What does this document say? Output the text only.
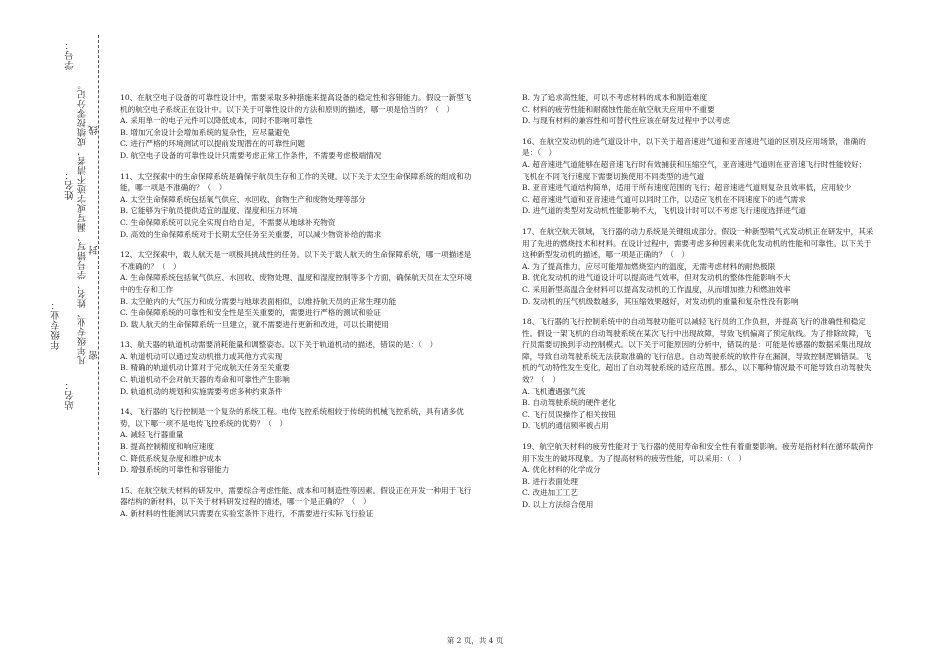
站名：
年级专业：
姓名：
学号：
凡年级专业、姓名、学号错写、漏写或字迹不清者，成绩按零分记。 线
封
密

10、在航空电子设备的可靠性设计中，需要采取多种措施来提高设备的稳定性和容错能力。假设一新型飞机的航空电子系统正在设计中。以下关于可靠性设计的方法和原则的描述，哪一项是恰当的？（　）

A. 采用单一的电子元件可以降低成本，同时不影响可靠性

B. 增加冗余设计会增加系统的复杂性，应尽量避免

C. 进行严格的环境测试可以提前发现潜在的可靠性问题

D. 航空电子设备的可靠性设计只需要考虑正常工作条件，不需要考虑极端情况

11、太空探索中的生命保障系统是确保宇航员生存和工作的关键。以下关于太空生命保障系统的组成和功能，哪一项是不准确的？（　）

A. 太空生命保障系统包括氧气供应、水回收、食物生产和废物处理等部分

B. 它能够为宇航员提供适宜的温度、湿度和压力环境

C. 生命保障系统可以完全实现自给自足，不需要从地球补充物资

D. 高效的生命保障系统对于长期太空任务至关重要，可以减少物资补给的需求

12、太空探索中，载人航天是一项极具挑战性的任务。以下关于载人航天的生命保障系统，哪一项描述是不准确的？（　）

A. 生命保障系统包括氧气供应、水回收、废物处理、温度和湿度控制等多个方面，确保航天员在太空环境中的生存和工作

B. 太空舱内的大气压力和成分需要与地球表面相似，以维持航天员的正常生理功能

C. 生命保障系统的可靠性和安全性是至关重要的，需要进行严格的测试和验证

D. 载人航天的生命保障系统一旦建立，就不需要进行更新和改进，可以长期使用

13、航天器的轨道机动需要消耗能量和调整姿态。以下关于轨道机动的描述，错误的是：（　）

A. 轨道机动可以通过发动机推力或其他方式实现

B. 精确的轨道机动计算对于完成航天任务至关重要

C. 轨道机动不会对航天器的寿命和可靠性产生影响

D. 轨道机动的规划和实施需要考虑多种约束条件

14、飞行器的飞行控制是一个复杂的系统工程。电传飞控系统相较于传统的机械飞控系统，具有诸多优势，以下哪一项不是电传飞控系统的优势？（　）

A. 减轻飞行器重量

B. 提高控制精度和响应速度

C. 降低系统复杂度和维护成本

D. 增强系统的可靠性和容错能力

15、在航空航天材料的研发中，需要综合考虑性能、成本和可制造性等因素。假设正在开发一种用于飞行器结构的新材料，以下关于材料研发过程的描述，哪一个是正确的？（　）

A. 新材料的性能测试只需要在实验室条件下进行，不需要进行实际飞行验证

B. 为了追求高性能，可以不考虑材料的成本和制造难度

C. 材料的疲劳性能和耐腐蚀性能在航空航天应用中不重要

D. 与现有材料的兼容性和可替代性应该在研发过程中予以考虑

16、在航空发动机的进气道设计中，以下关于超音速进气道和亚音速进气道的区别及应用场景，准确的是：（　）

A. 超音速进气道能够在超音速飞行时有效捕获和压缩空气，亚音速进气道则在亚音速飞行时性能较好；飞机在不同飞行速度下需要切换使用不同类型的进气道

B. 亚音速进气道结构简单，适用于所有速度范围的飞行；超音速进气道则复杂且效率低，应用较少

C. 超音速进气道和亚音速进气道可以同时工作，以适应飞机在不同速度下的进气需求

D. 进气道的类型对发动机性能影响不大，飞机设计时可以不考虑飞行速度选择进气道

17、在航空航天领域，飞行器的动力系统是关键组成部分。假设一种新型喷气式发动机正在研发中，其采用了先进的燃烧技术和材料。在设计过程中，需要考虑多种因素来优化发动机的性能和可靠性。以下关于这种新型发动机的描述，哪一项是正确的？（　）

A. 为了提高推力，应尽可能增加燃烧室内的温度，无需考虑材料的耐热极限

B. 优化发动机的进气道设计可以提高进气效率，但对发动机的整体性能影响不大

C. 采用新型高温合金材料可以提高发动机的工作温度，从而增加推力和燃油效率

D. 发动机的压气机级数越多，其压缩效果越好，对发动机的重量和复杂性没有影响

18、飞行器的飞行控制系统中的自动驾驶功能可以减轻飞行员的工作负担，并提高飞行的准确性和稳定性。假设一架飞机的自动驾驶系统在某次飞行中出现故障，导致飞机偏离了预定航线。为了排除故障，飞行员需要切换到手动控制模式。以下关于可能原因的分析中，错误的是：可能是传感器的数据采集出现故障，导致自动驾驶系统无法获取准确的飞行信息。自动驾驶系统的软件存在漏洞，导致控制逻辑错误。飞机的气动特性发生变化，超出了自动驾驶系统的适应范围。那么，以下哪种情况最不可能导致自动驾驶失效？（　）

A. 飞机遭遇强气流

B. 自动驾驶系统的硬件老化

C. 飞行员误操作了相关按钮

D. 飞机的通信频率被占用

19、航空航天材料的疲劳性能对于飞行器的使用寿命和安全性有着重要影响。疲劳是指材料在循环载荷作用下发生的破坏现象。为了提高材料的疲劳性能，可以采用：（　）

A. 优化材料的化学成分

B. 进行表面处理

C. 改进加工工艺

D. 以上方法综合使用

第 2 页，共 4 页
